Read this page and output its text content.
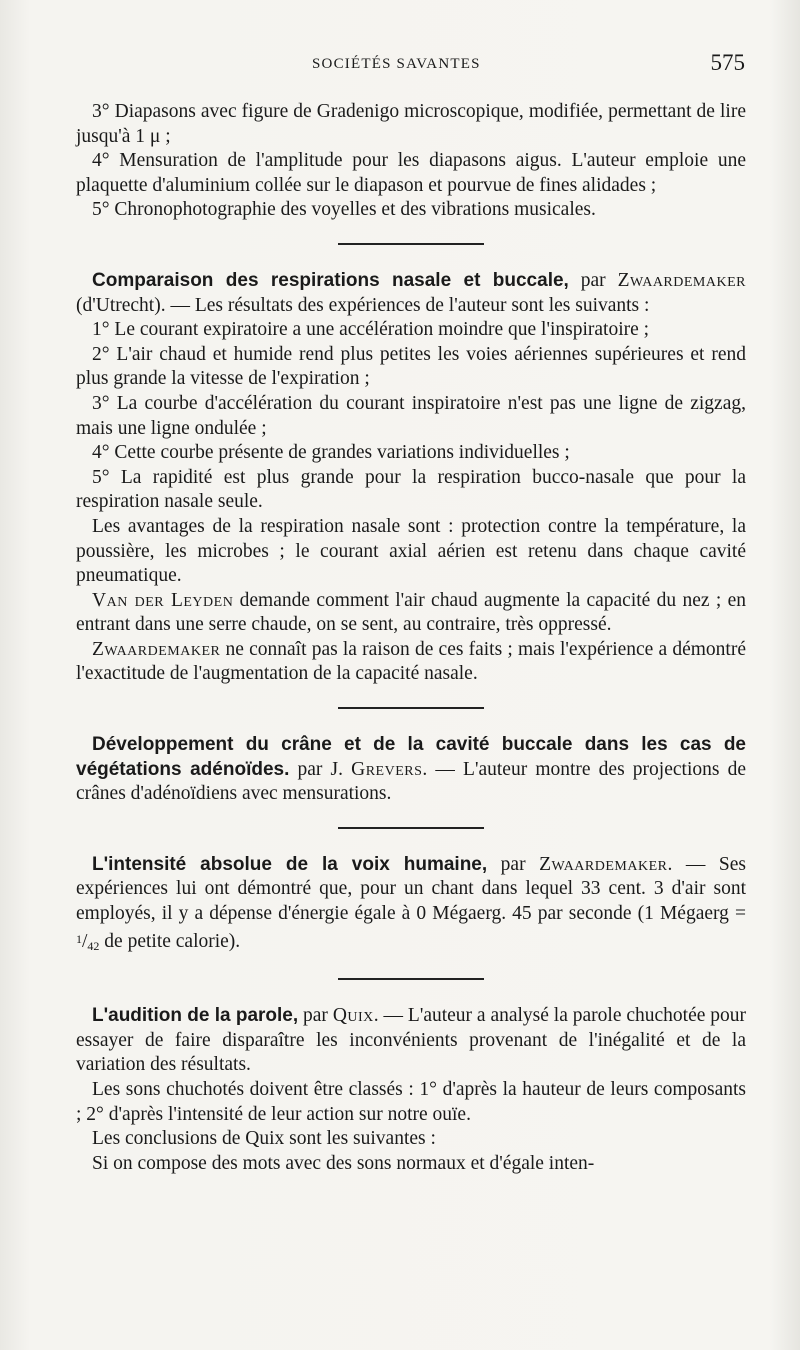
SOCIÉTÉS SAVANTES	575

3° Diapasons avec figure de Gradenigo microscopique, modifiée, permettant de lire jusqu'à 1 μ ;

4° Mensuration de l'amplitude pour les diapasons aigus. L'auteur emploie une plaquette d'aluminium collée sur le diapason et pourvue de fines alidades ;

5° Chronophotographie des voyelles et des vibrations musicales.

Comparaison des respirations nasale et buccale, par Zwaardemaker (d'Utrecht). — Les résultats des expériences de l'auteur sont les suivants :

1° Le courant expiratoire a une accélération moindre que l'inspiratoire ;

2° L'air chaud et humide rend plus petites les voies aériennes supérieures et rend plus grande la vitesse de l'expiration ;

3° La courbe d'accélération du courant inspiratoire n'est pas une ligne de zigzag, mais une ligne ondulée ;

4° Cette courbe présente de grandes variations individuelles ;

5° La rapidité est plus grande pour la respiration bucco-nasale que pour la respiration nasale seule.

Les avantages de la respiration nasale sont : protection contre la température, la poussière, les microbes ; le courant axial aérien est retenu dans chaque cavité pneumatique.

Van der Leyden demande comment l'air chaud augmente la capacité du nez ; en entrant dans une serre chaude, on se sent, au contraire, très oppressé.

Zwaardemaker ne connaît pas la raison de ces faits ; mais l'expérience a démontré l'exactitude de l'augmentation de la capacité nasale.

Développement du crâne et de la cavité buccale dans les cas de végétations adénoïdes. par J. Grevers. — L'auteur montre des projections de crânes d'adénoïdiens avec mensurations.

L'intensité absolue de la voix humaine, par Zwaardemaker. — Ses expériences lui ont démontré que, pour un chant dans lequel 33 cent. 3 d'air sont employés, il y a dépense d'énergie égale à 0 Mégaerg. 45 par seconde (1 Mégaerg = $^1/_{42}$ de petite calorie).

L'audition de la parole, par Quix. — L'auteur a analysé la parole chuchotée pour essayer de faire disparaître les inconvénients provenant de l'inégalité et de la variation des résultats.

Les sons chuchotés doivent être classés : 1° d'après la hauteur de leurs composants ; 2° d'après l'intensité de leur action sur notre ouïe.

Les conclusions de Quix sont les suivantes :

Si on compose des mots avec des sons normaux et d'égale inten-
